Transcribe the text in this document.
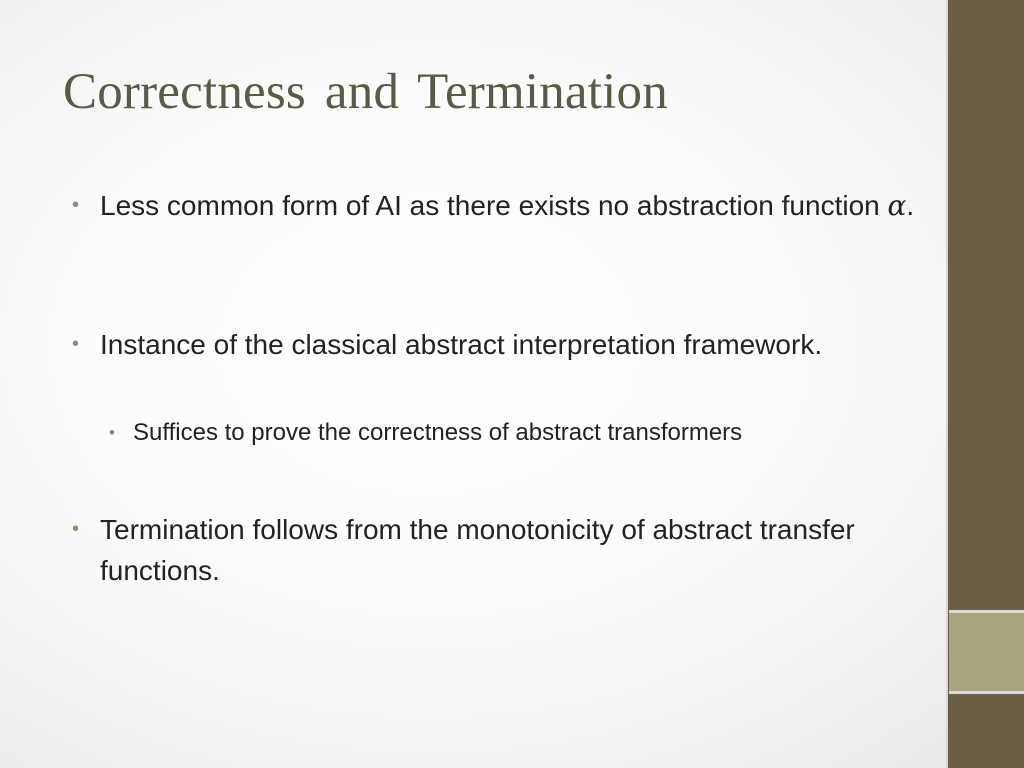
Correctness and Termination
• Less common form of AI as there exists no abstraction function α.
• Instance of the classical abstract interpretation framework.
• Suffices to prove the correctness of abstract transformers
• Termination follows from the monotonicity of abstract transfer functions.
